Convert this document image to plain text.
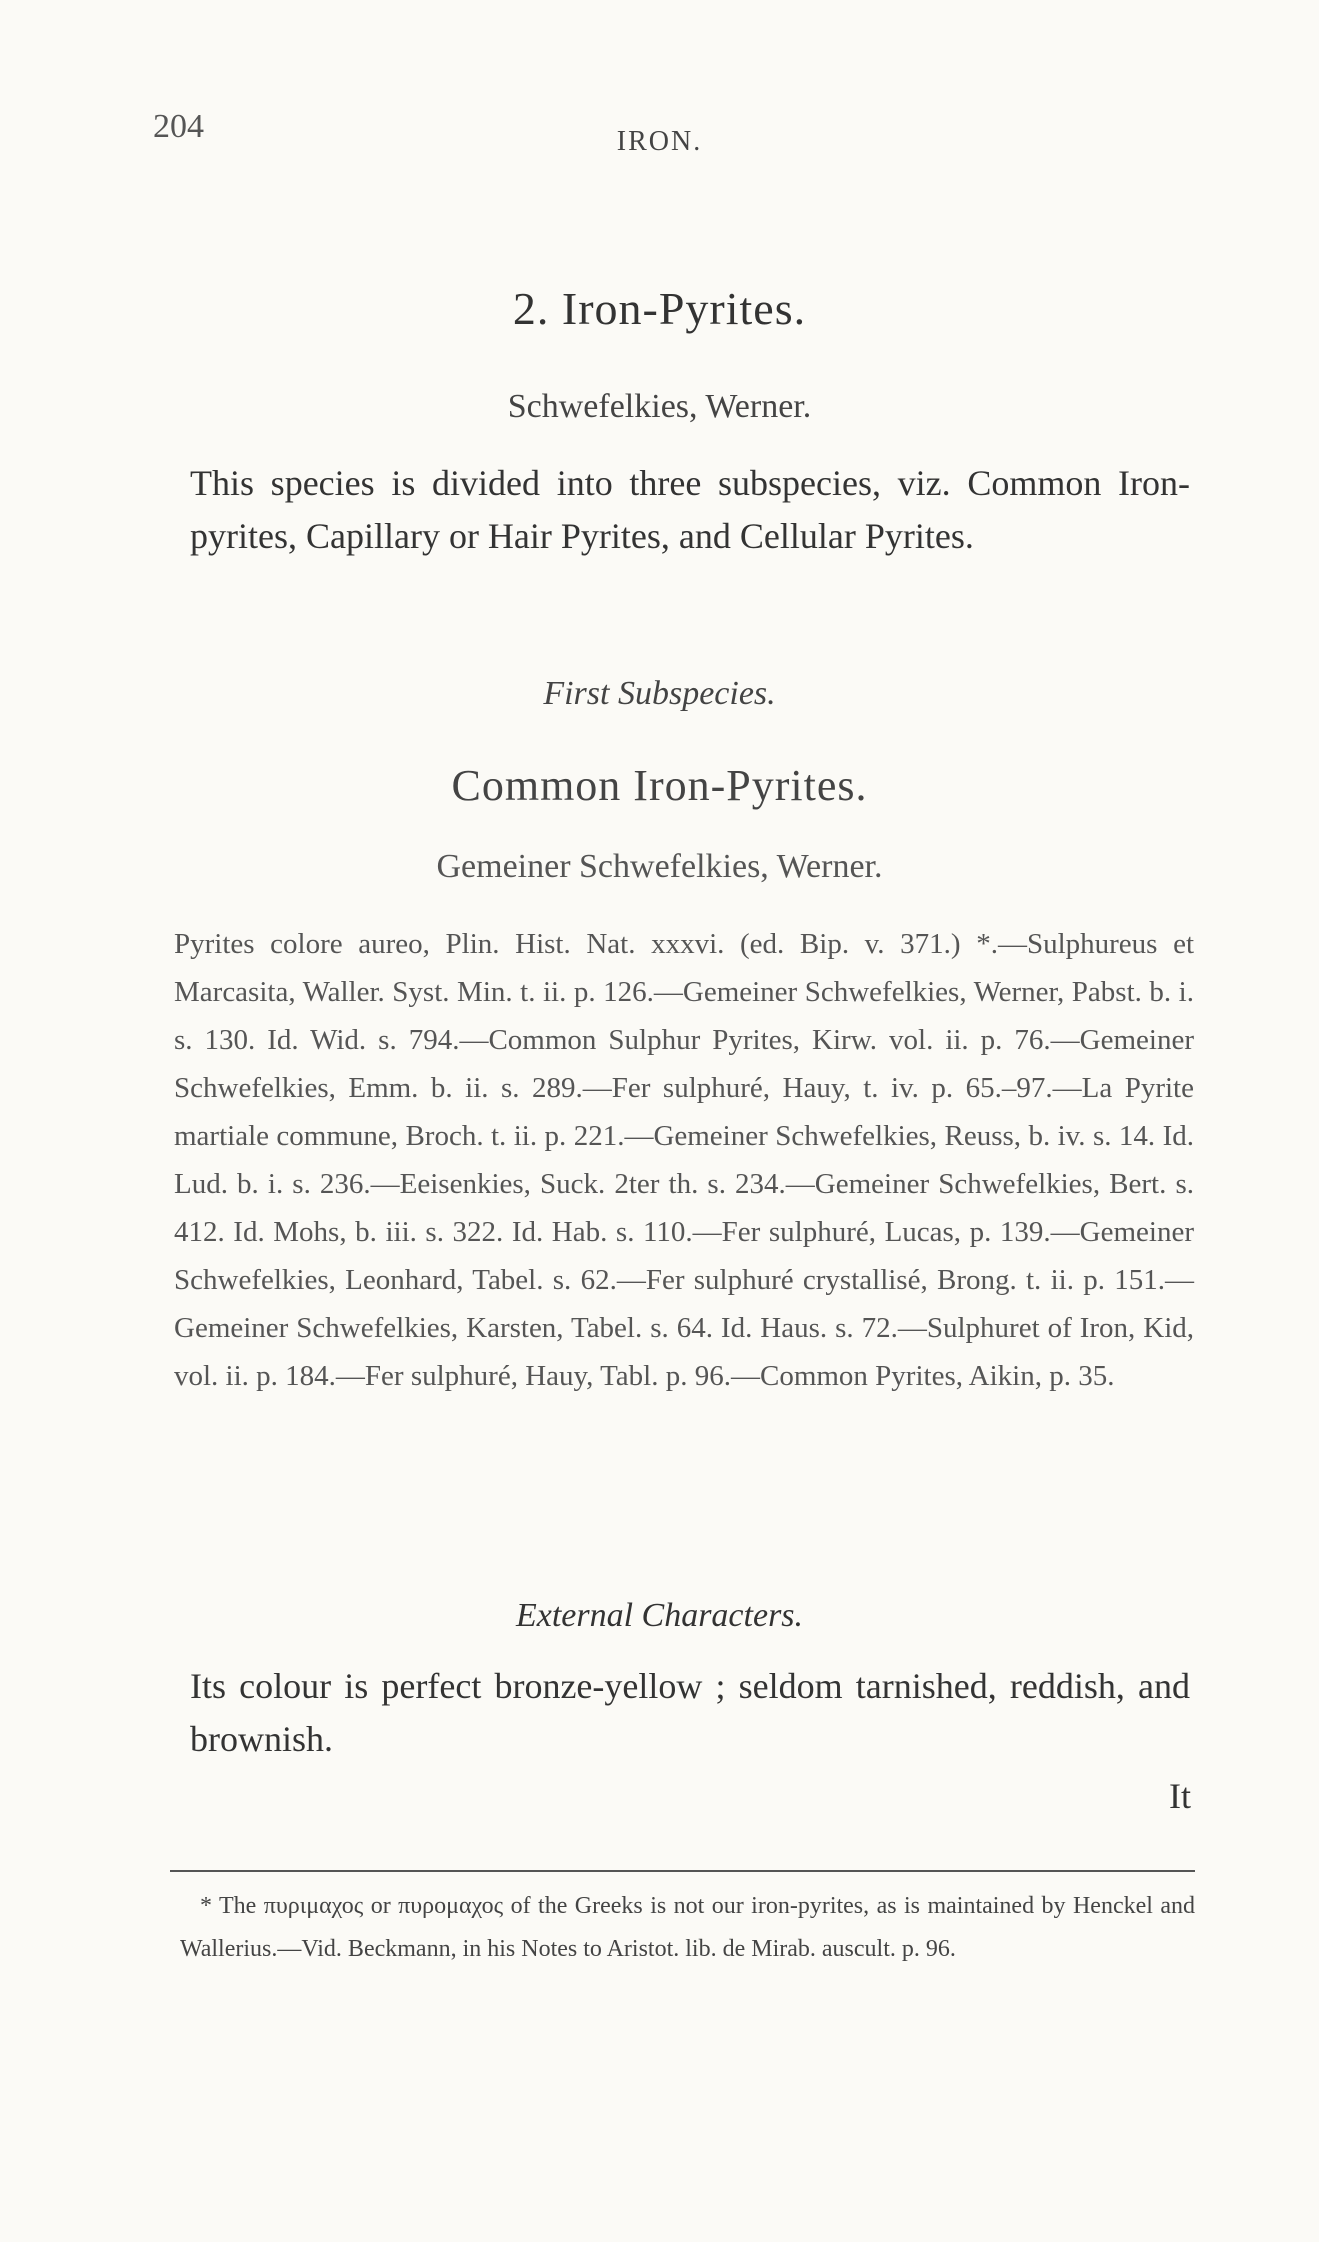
204	IRON.
2. Iron-Pyrites.
Schwefelkies, Werner.
This species is divided into three subspecies, viz. Common Iron-pyrites, Capillary or Hair Pyrites, and Cellular Pyrites.
First Subspecies.
Common Iron-Pyrites.
Gemeiner Schwefelkies, Werner.
Pyrites colore aureo, Plin. Hist. Nat. xxxvi. (ed. Bip. v. 371.) *.—Sulphureus et Marcasita, Waller. Syst. Min. t. ii. p. 126.—Gemeiner Schwefelkies, Werner, Pabst. b. i. s. 130. Id. Wid. s. 794.—Common Sulphur Pyrites, Kirw. vol. ii. p. 76.—Gemeiner Schwefelkies, Emm. b. ii. s. 289.—Fer sulphuré, Hauy, t. iv. p. 65.–97.—La Pyrite martiale commune, Broch. t. ii. p. 221.—Gemeiner Schwefelkies, Reuss, b. iv. s. 14. Id. Lud. b. i. s. 236.—Eeisenkies, Suck. 2ter th. s. 234.—Gemeiner Schwefelkies, Bert. s. 412. Id. Mohs, b. iii. s. 322. Id. Hab. s. 110.—Fer sulphuré, Lucas, p. 139.—Gemeiner Schwefelkies, Leonhard, Tabel. s. 62.—Fer sulphuré crystallisé, Brong. t. ii. p. 151.—Gemeiner Schwefelkies, Karsten, Tabel. s. 64. Id. Haus. s. 72.—Sulphuret of Iron, Kid, vol. ii. p. 184.—Fer sulphuré, Hauy, Tabl. p. 96.—Common Pyrites, Aikin, p. 35.
External Characters.
Its colour is perfect bronze-yellow ; seldom tarnished, reddish, and brownish.
It
* The πυριμαχος or πυρομαχος of the Greeks is not our iron-pyrites, as is maintained by Henckel and Wallerius.—Vid. Beckmann, in his Notes to Aristot. lib. de Mirab. auscult. p. 96.
